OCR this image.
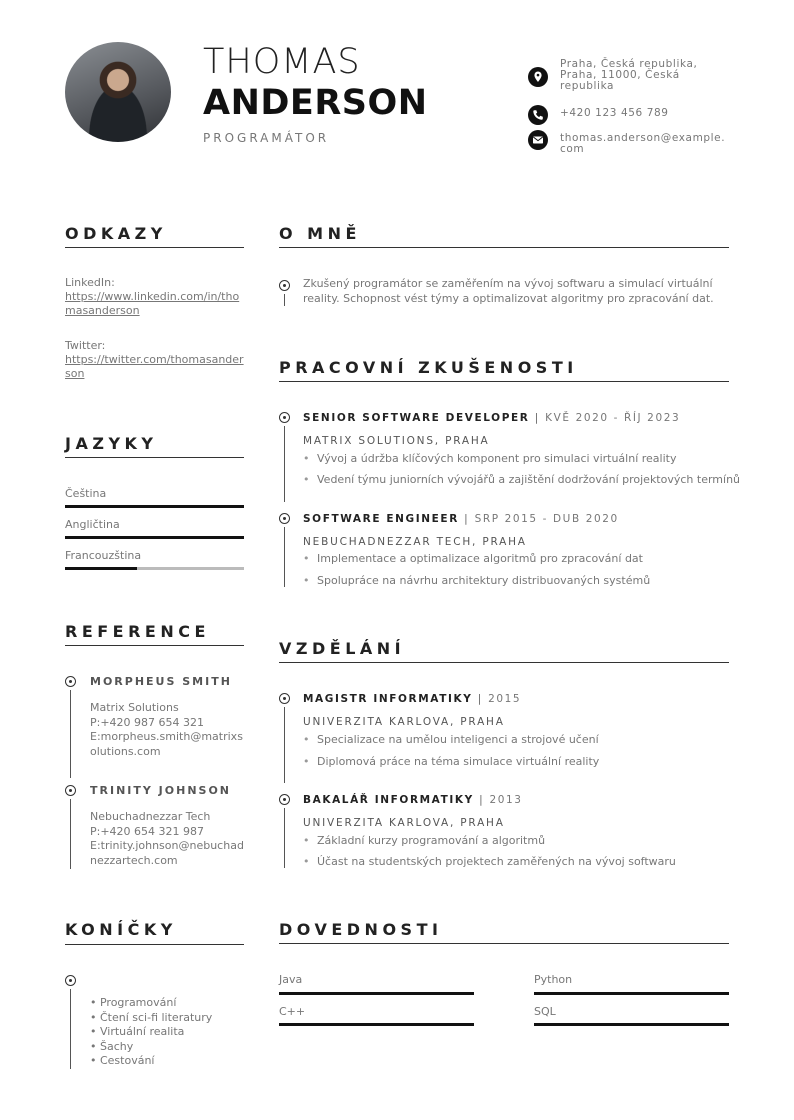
THOMAS
ANDERSON
PROGRAMÁTOR
Praha, Česká republika,
Praha, 11000, Česká
republika
+420 123 456 789
thomas.anderson@example.
com
ODKAZY
LinkedIn:
https://www.linkedin.com/in/tho
masanderson
Twitter:
https://twitter.com/thomasander
son
JAZYKY
Čeština
Angličtina
Francouzština
REFERENCE
MORPHEUS SMITH
Matrix Solutions
P:+420 987 654 321
E:morpheus.smith@matrixs
olutions.com
TRINITY JOHNSON
Nebuchadnezzar Tech
P:+420 654 321 987
E:trinity.johnson@nebuchad
nezzartech.com
KONÍČKY
• Programování
• Čtení sci-fi literatury
• Virtuální realita
• Šachy
• Cestování
O MNĚ
Zkušený programátor se zaměřením na vývoj softwaru a simulací virtuální
reality. Schopnost vést týmy a optimalizovat algoritmy pro zpracování dat.
PRACOVNÍ ZKUŠENOSTI
SENIOR SOFTWARE DEVELOPER | KVĚ 2020 - ŘÍJ 2023
MATRIX SOLUTIONS, PRAHA
• Vývoj a údržba klíčových komponent pro simulaci virtuální reality
• Vedení týmu juniorních vývojářů a zajištění dodržování projektových termínů
SOFTWARE ENGINEER | SRP 2015 - DUB 2020
NEBUCHADNEZZAR TECH, PRAHA
• Implementace a optimalizace algoritmů pro zpracování dat
• Spolupráce na návrhu architektury distribuovaných systémů
VZDĚLÁNÍ
MAGISTR INFORMATIKY | 2015
UNIVERZITA KARLOVA, PRAHA
• Specializace na umělou inteligenci a strojové učení
• Diplomová práce na téma simulace virtuální reality
BAKALÁŘ INFORMATIKY | 2013
UNIVERZITA KARLOVA, PRAHA
• Základní kurzy programování a algoritmů
• Účast na studentských projektech zaměřených na vývoj softwaru
DOVEDNOSTI
Java	Python
C++	SQL
